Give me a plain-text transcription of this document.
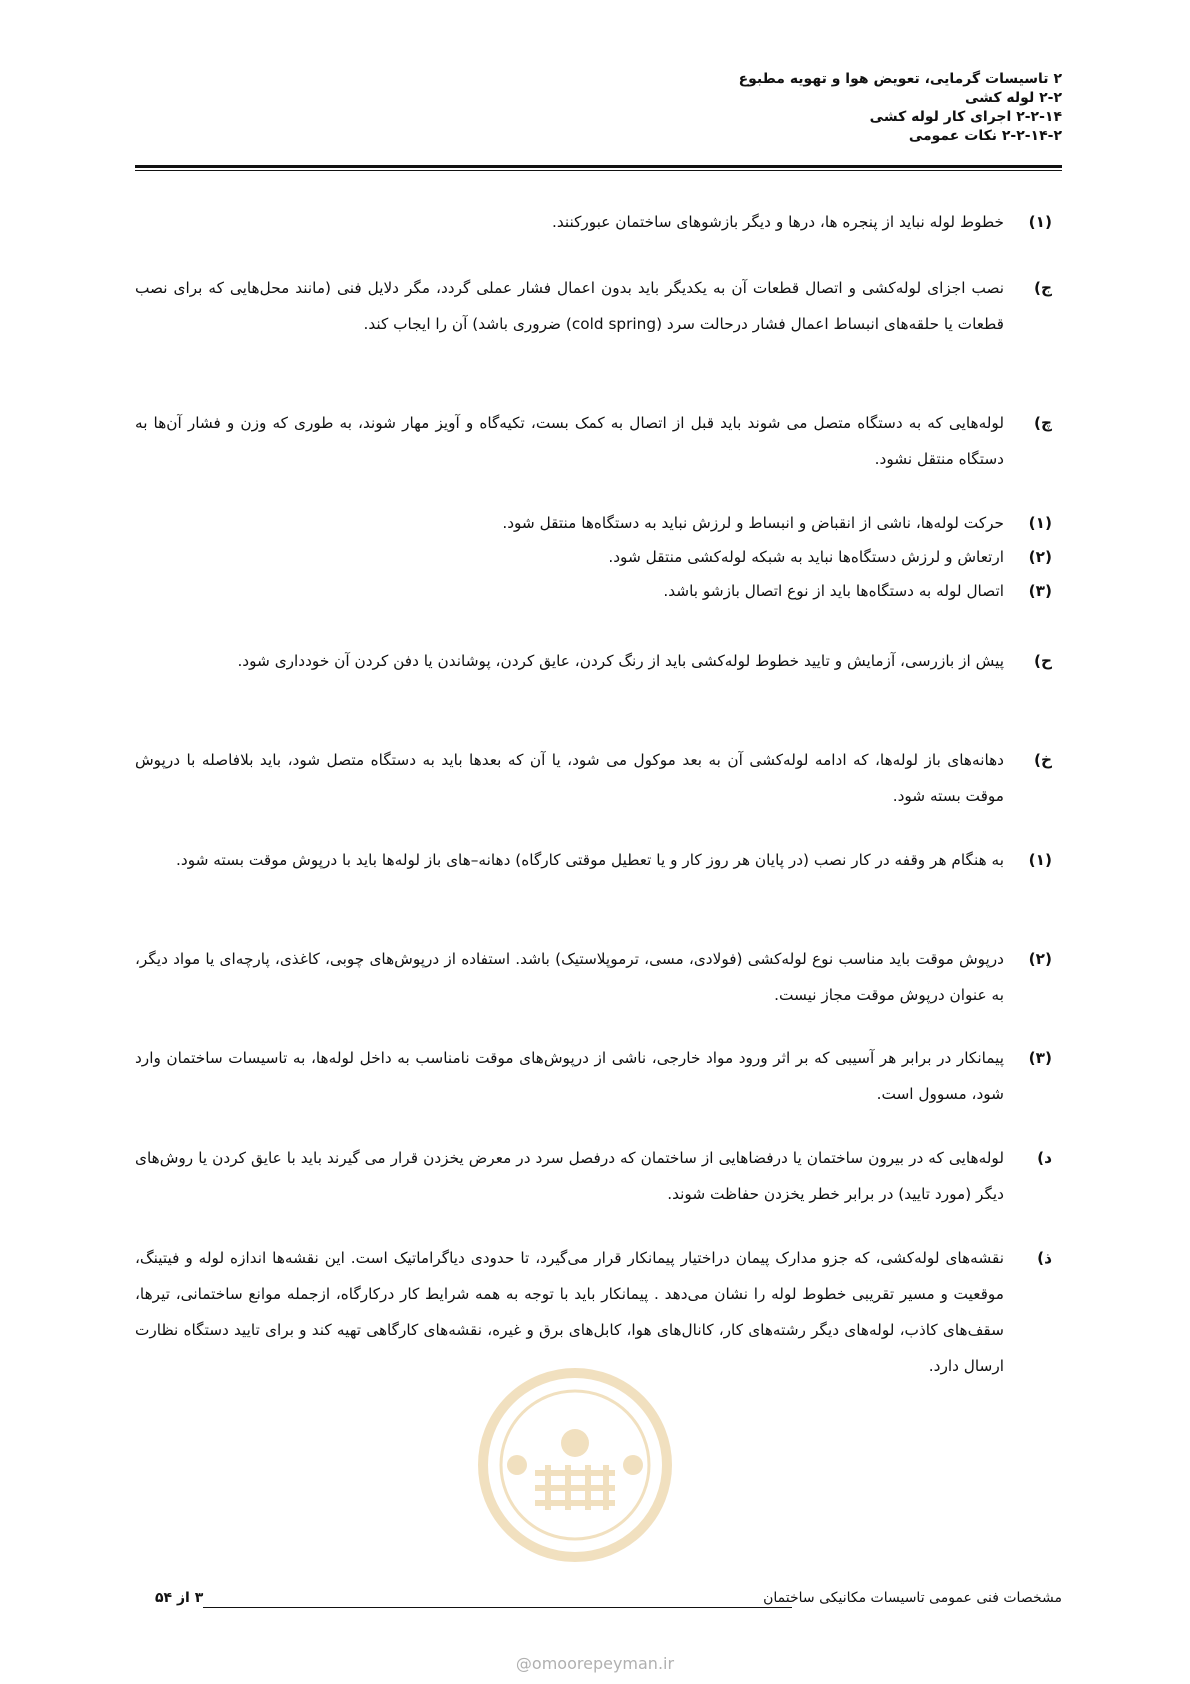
۲ تاسیسات گرمایی، تعویض هوا و تهویه مطبوع
۲-۲ لوله کشی
۲-۲-۱۴ اجرای کار لوله کشی
۲-۲-۱۴-۲ نکات عمومی
(۱)
خطوط لوله نباید از پنجره ها، درها و دیگر بازشوهای ساختمان عبورکنند.
ج)
نصب اجزای لوله‌کشی و اتصال قطعات آن به یکدیگر باید بدون اعمال فشار عملی گردد، مگر دلایل فنی (مانند محل‌هایی که برای نصب قطعات یا حلقه‌های انبساط اعمال فشار درحالت سرد (cold spring) ضروری باشد) آن را ایجاب کند.
چ)
لوله‌هایی که به دستگاه متصل می شوند باید قبل از اتصال به کمک بست، تکیه‌گاه و آویز مهار شوند، به طوری که وزن و فشار آن‌ها به دستگاه منتقل نشود.
(۱)
حرکت لوله‌ها، ناشی از انقباض و انبساط و لرزش نباید به دستگاه‌ها منتقل شود.
(۲)
ارتعاش و لرزش دستگاه‌ها نباید به شبکه لوله‌کشی منتقل شود.
(۳)
اتصال لوله به دستگاه‌ها باید از نوع اتصال بازشو باشد.
ح)
پیش از بازرسی، آزمایش و تایید خطوط لوله‌کشی باید از رنگ کردن، عایق کردن، پوشاندن یا دفن کردن آن خودداری شود.
خ)
دهانه‌های باز لوله‌ها، که ادامه لوله‌کشی آن به بعد موکول می شود، یا آن که بعدها باید به دستگاه متصل شود، باید بلافاصله با درپوش موقت بسته شود.
(۱)
به هنگام هر وقفه در کار نصب (در پایان هر روز کار و یا تعطیل موقتی کارگاه) دهانه–های باز لوله‌ها باید با درپوش موقت بسته شود.
(۲)
درپوش موقت باید مناسب نوع لوله‌کشی (فولادی، مسی، ترموپلاستیک) باشد. استفاده از درپوش‌های چوبی، کاغذی، پارچه‌ای یا مواد دیگر، به عنوان درپوش موقت مجاز نیست.
(۳)
پیمانکار در برابر هر آسیبی که بر اثر ورود مواد خارجی، ناشی از درپوش‌های موقت نامناسب به داخل لوله‌ها، به تاسیسات ساختمان وارد شود، مسوول است.
د)
لوله‌هایی که در بیرون ساختمان یا درفضاهایی از ساختمان که درفصل سرد در معرض یخزدن قرار می گیرند باید با عایق کردن یا روش‌های دیگر (مورد تایید) در برابر خطر یخزدن حفاظت شوند.
ذ)
نقشه‌های لوله‌کشی، که جزو مدارک پیمان دراختیار پیمانکار قرار می‌گیرد، تا حدودی دیاگراماتیک است. این نقشه‌ها اندازه لوله و فیتینگ، موقعیت و مسیر تقریبی خطوط لوله را نشان می‌دهد . پیمانکار باید با توجه به همه شرایط کار درکارگاه، ازجمله موانع ساختمانی، تیرها، سقف‌های کاذب، لوله‌های دیگر رشته‌های کار، کانال‌های هوا، کابل‌های برق و غیره، نقشه‌های کارگاهی تهیه کند و برای تایید دستگاه نظارت ارسال دارد.
مشخصات فنی عمومی تاسیسات مکانیکی ساختمان
۳ از ۵۴
@omoorepeyman.ir
